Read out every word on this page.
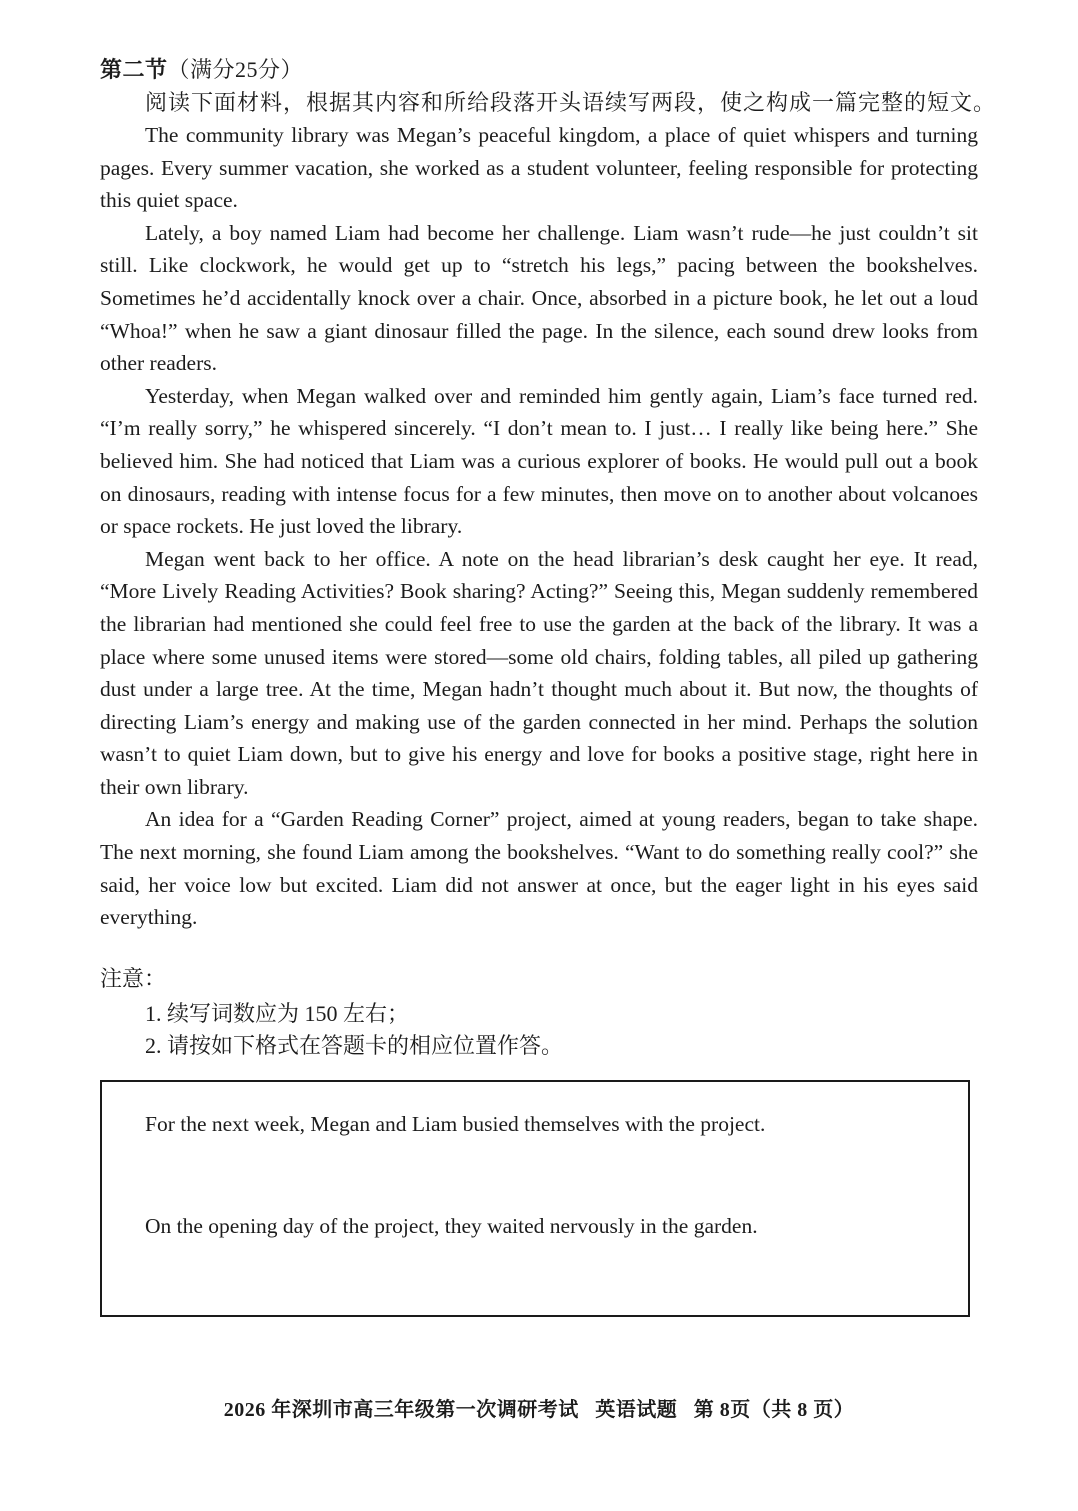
第二节（满分25分）
阅读下面材料，根据其内容和所给段落开头语续写两段，使之构成一篇完整的短文。

The community library was Megan’s peaceful kingdom, a place of quiet whispers and turning pages. Every summer vacation, she worked as a student volunteer, feeling responsible for protecting this quiet space.

Lately, a boy named Liam had become her challenge. Liam wasn’t rude—he just couldn’t sit still. Like clockwork, he would get up to “stretch his legs,” pacing between the bookshelves. Sometimes he’d accidentally knock over a chair. Once, absorbed in a picture book, he let out a loud “Whoa!” when he saw a giant dinosaur filled the page. In the silence, each sound drew looks from other readers.

Yesterday, when Megan walked over and reminded him gently again, Liam’s face turned red. “I’m really sorry,” he whispered sincerely. “I don’t mean to. I just… I really like being here.” She believed him. She had noticed that Liam was a curious explorer of books. He would pull out a book on dinosaurs, reading with intense focus for a few minutes, then move on to another about volcanoes or space rockets. He just loved the library.

Megan went back to her office. A note on the head librarian’s desk caught her eye. It read, “More Lively Reading Activities? Book sharing? Acting?” Seeing this, Megan suddenly remembered the librarian had mentioned she could feel free to use the garden at the back of the library. It was a place where some unused items were stored—some old chairs, folding tables, all piled up gathering dust under a large tree. At the time, Megan hadn’t thought much about it. But now, the thoughts of directing Liam’s energy and making use of the garden connected in her mind. Perhaps the solution wasn’t to quiet Liam down, but to give his energy and love for books a positive stage, right here in their own library.

An idea for a “Garden Reading Corner” project, aimed at young readers, began to take shape. The next morning, she found Liam among the bookshelves. “Want to do something really cool?” she said, her voice low but excited. Liam did not answer at once, but the eager light in his eyes said everything.

注意：
1. 续写词数应为 150 左右；
2. 请按如下格式在答题卡的相应位置作答。
For the next week, Megan and Liam busied themselves with the project.
On the opening day of the project, they waited nervously in the garden.
2026 年深圳市高三年级第一次调研考试 英语试题 第 8页（共 8 页）
